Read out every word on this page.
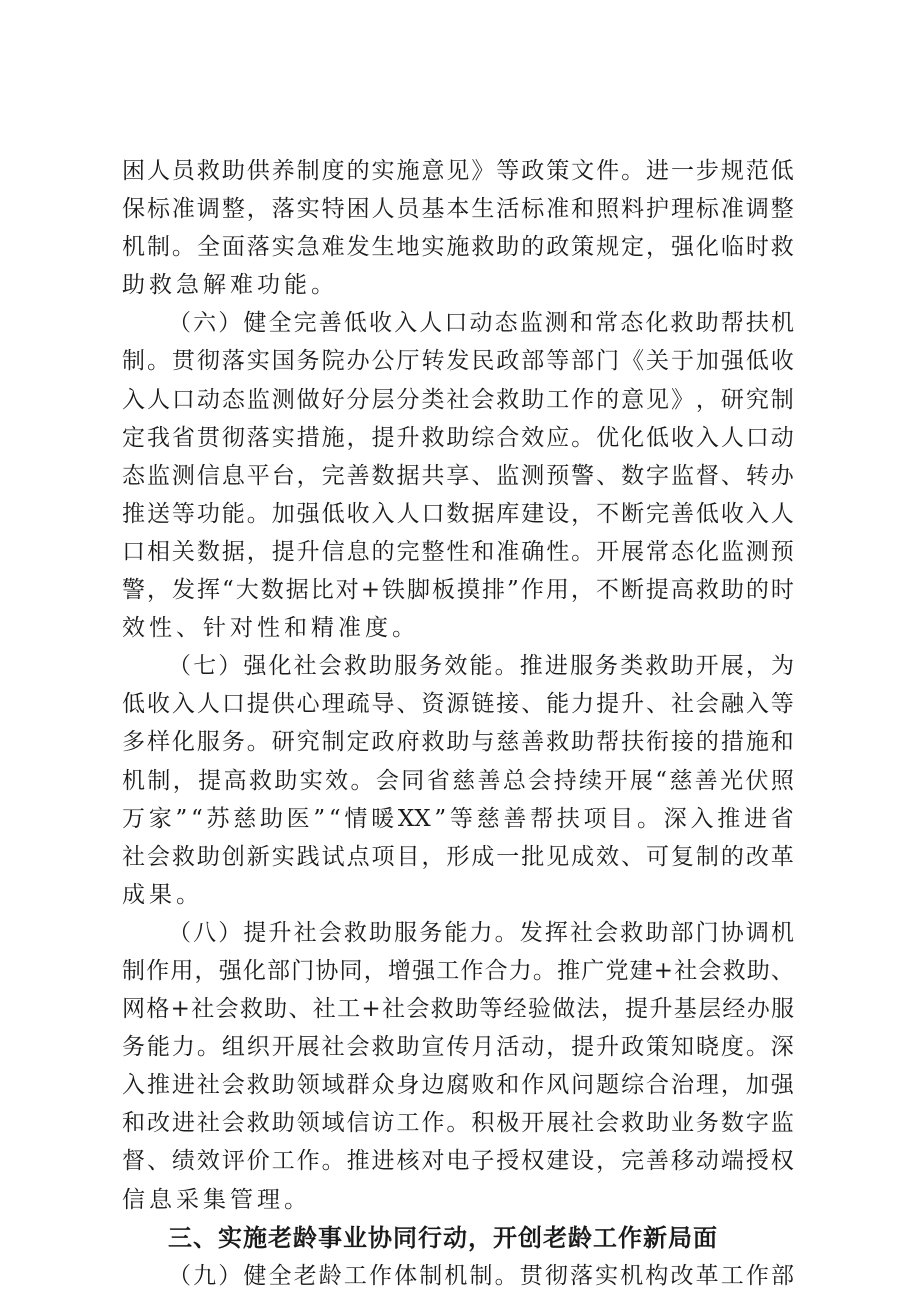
困 人 员 救 助 供 养 制 度 的 实 施 意 见 》 等 政 策 文 件 。 进 一 步 规 范 低
保 标 准 调 整 ， 落 实 特 困 人 员 基 本 生 活 标 准 和 照 料 护 理 标 准 调 整
机 制 。 全 面 落 实 急 难 发 生 地 实 施 救 助 的 政 策 规 定 ， 强 化 临 时 救
助救急解难功能。
（ 六 ） 健 全 完 善 低 收 入 人 口 动 态 监 测 和 常 态 化 救 助 帮 扶 机
制 。 贯 彻 落 实 国 务 院 办 公 厅 转 发 民 政 部 等 部 门 《 关 于 加 强 低 收
入 人 口 动 态 监 测 做 好 分 层 分 类 社 会 救 助 工 作 的 意 见 》 ， 研 究 制
定 我 省 贯 彻 落 实 措 施 ， 提 升 救 助 综 合 效 应 。 优 化 低 收 入 人 口 动
态 监 测 信 息 平 台 ， 完 善 数 据 共 享 、 监 测 预 警 、 数 字 监 督 、 转 办
推 送 等 功 能 。 加 强 低 收 入 人 口 数 据 库 建 设 ， 不 断 完 善 低 收 入 人
口 相 关 数 据 ， 提 升 信 息 的 完 整 性 和 准 确 性 。 开 展 常 态 化 监 测 预
警 ， 发 挥 “ 大 数 据 比 对 + 铁 脚 板 摸 排 ” 作 用 ， 不 断 提 高 救 助 的 时
效性、针对性和精准度。
（ 七 ） 强 化 社 会 救 助 服 务 效 能 。 推 进 服 务 类 救 助 开 展 ， 为
低 收 入 人 口 提 供 心 理 疏 导 、 资 源 链 接 、 能 力 提 升 、 社 会 融 入 等
多 样 化 服 务 。 研 究 制 定 政 府 救 助 与 慈 善 救 助 帮 扶 衔 接 的 措 施 和
机 制 ， 提 高 救 助 实 效 。 会 同 省 慈 善 总 会 持 续 开 展 “ 慈 善 光 伏 照
万 家 ” “ 苏 慈 助 医 ” “ 情 暖 XX ” 等 慈 善 帮 扶 项 目 。 深 入 推 进 省
社 会 救 助 创 新 实 践 试 点 项 目 ， 形 成 一 批 见 成 效 、 可 复 制 的 改 革
成果。
（ 八 ） 提 升 社 会 救 助 服 务 能 力 。 发 挥 社 会 救 助 部 门 协 调 机
制 作 用 ， 强 化 部 门 协 同 ， 增 强 工 作 合 力 。 推 广 党 建 + 社 会 救 助 、
网 格 + 社 会 救 助 、 社 工 + 社 会 救 助 等 经 验 做 法 ， 提 升 基 层 经 办 服
务 能 力 。 组 织 开 展 社 会 救 助 宣 传 月 活 动 ， 提 升 政 策 知 晓 度 。 深
入 推 进 社 会 救 助 领 域 群 众 身 边 腐 败 和 作 风 问 题 综 合 治 理 ， 加 强
和 改 进 社 会 救 助 领 域 信 访 工 作 。 积 极 开 展 社 会 救 助 业 务 数 字 监
督 、 绩 效 评 价 工 作 。 推 进 核 对 电 子 授 权 建 设 ， 完 善 移 动 端 授 权
信息采集管理。
三、实施老龄事业协同行动，开创老龄工作新局面
（ 九 ） 健 全 老 龄 工 作 体 制 机 制 。 贯 彻 落 实 机 构 改 革 工 作 部
